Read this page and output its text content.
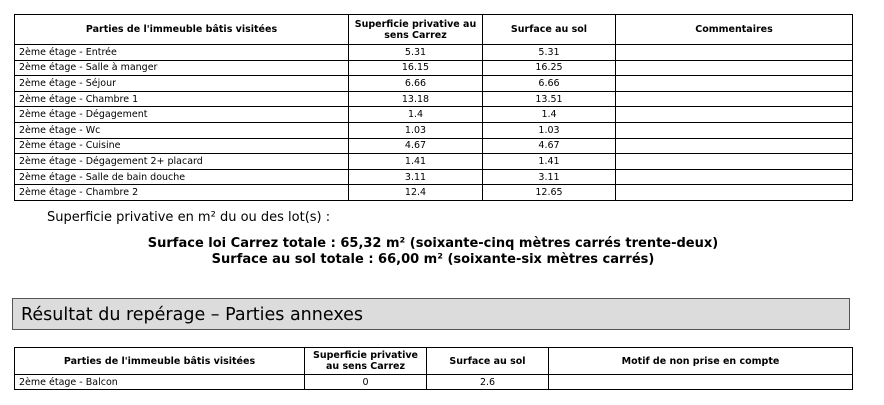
Parties de l'immeuble bâtis visitées	Superficie privative au sens Carrez	Surface au sol	Commentaires
2ème étage - Entrée	5.31	5.31	
2ème étage - Salle à manger	16.15	16.25	
2ème étage - Séjour	6.66	6.66	
2ème étage - Chambre 1	13.18	13.51	
2ème étage - Dégagement	1.4	1.4	
2ème étage - Wc	1.03	1.03	
2ème étage - Cuisine	4.67	4.67	
2ème étage - Dégagement 2+ placard	1.41	1.41	
2ème étage - Salle de bain douche	3.11	3.11	
2ème étage - Chambre 2	12.4	12.65	
Superficie privative en m² du ou des lot(s) :
Surface loi Carrez totale : 65,32 m² (soixante-cinq mètres carrés trente-deux)
Surface au sol totale : 66,00 m² (soixante-six mètres carrés)
Résultat du repérage – Parties annexes
Parties de l'immeuble bâtis visitées	Superficie privative au sens Carrez	Surface au sol	Motif de non prise en compte
2ème étage - Balcon	0	2.6	
